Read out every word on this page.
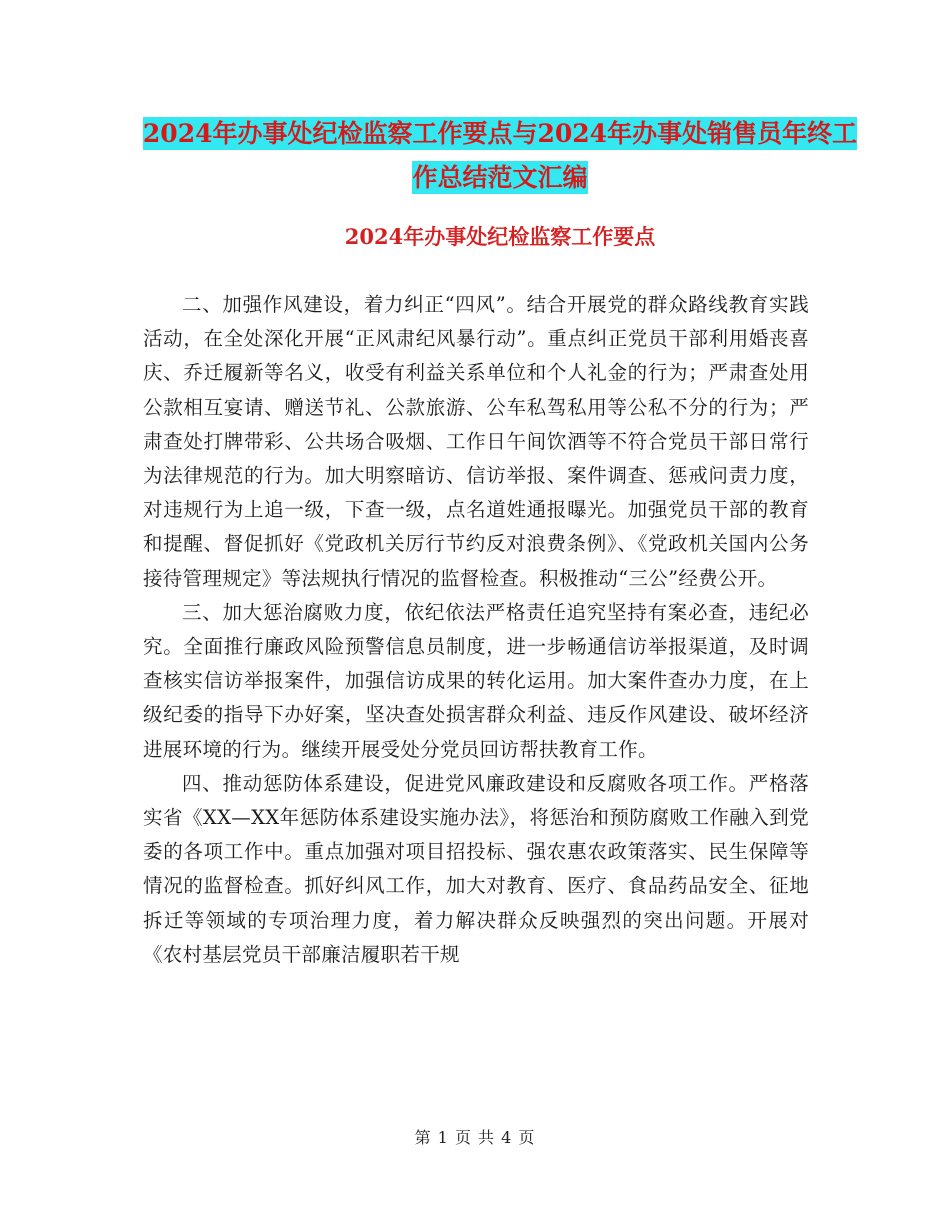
2024年办事处纪检监察工作要点与2024年办事处销售员年终工作总结范文汇编
2024年办事处纪检监察工作要点

二、加强作风建设，着力纠正“四风”。结合开展党的群众路线教育实践活动，在全处深化开展“正风肃纪风暴行动”。重点纠正党员干部利用婚丧喜庆、乔迁履新等名义，收受有利益关系单位和个人礼金的行为；严肃查处用公款相互宴请、赠送节礼、公款旅游、公车私驾私用等公私不分的行为；严肃查处打牌带彩、公共场合吸烟、工作日午间饮酒等不符合党员干部日常行为法律规范的行为。加大明察暗访、信访举报、案件调查、惩戒问责力度，对违规行为上追一级，下查一级，点名道姓通报曝光。加强党员干部的教育和提醒、督促抓好《党政机关厉行节约反对浪费条例》、《党政机关国内公务接待管理规定》等法规执行情况的监督检查。积极推动“三公”经费公开。

三、加大惩治腐败力度，依纪依法严格责任追究坚持有案必查，违纪必究。全面推行廉政风险预警信息员制度，进一步畅通信访举报渠道，及时调查核实信访举报案件，加强信访成果的转化运用。加大案件查办力度，在上级纪委的指导下办好案，坚决查处损害群众利益、违反作风建设、破坏经济进展环境的行为。继续开展受处分党员回访帮扶教育工作。

四、推动惩防体系建设，促进党风廉政建设和反腐败各项工作。严格落实省《XX—XX年惩防体系建设实施办法》，将惩治和预防腐败工作融入到党委的各项工作中。重点加强对项目招投标、强农惠农政策落实、民生保障等情况的监督检查。抓好纠风工作，加大对教育、医疗、食品药品安全、征地拆迁等领域的专项治理力度，着力解决群众反映强烈的突出问题。开展对《农村基层党员干部廉洁履职若干规

第 1 页 共 4 页
